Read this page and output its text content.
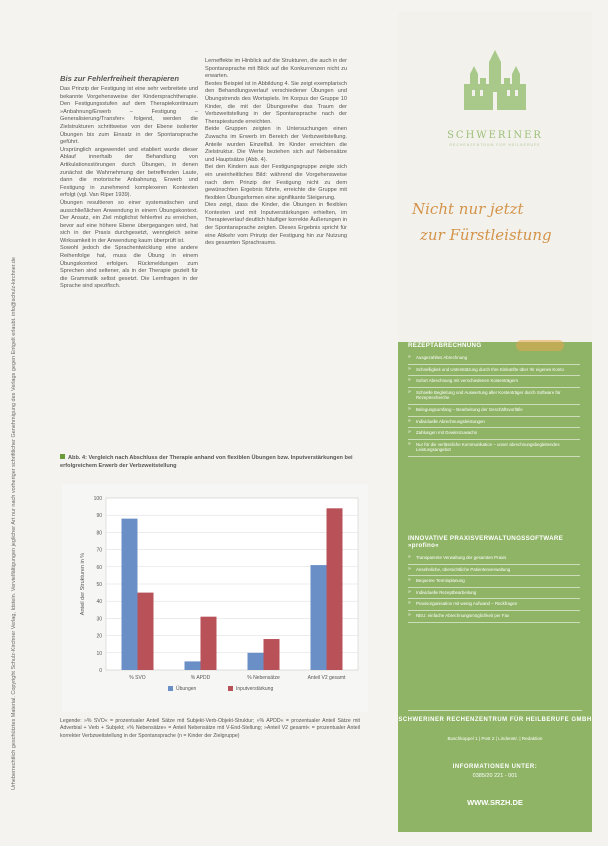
Urheberrechtlich geschütztes Material. Copyright Schulz-Kirchner Verlag, Idstein. Vervielfältigungen jeglicher Art nur nach vorheriger schriftlicher Genehmigung des Verlags gegen Entgelt erlaubt. info@schulz-kirchner.de
Bis zur Fehlerfreiheit therapieren

Das Prinzip der Festigung ist eine sehr verbreitete und bekannte Vorgehensweise der Kindersprachtherapie. Den Festigungsstufen auf dem Therapiekontinuum »Anbahnung/Erwerb – Festigung – Generalisierung/Transfer« folgend, werden die Zielstrukturen schrittweise von der Ebene isolierter Übungen bis zum Einsatz in der Spontansprache geführt.

Ursprünglich angewendet und etabliert wurde dieser Ablauf innerhalb der Behandlung von Artikulationsstörungen durch Übungen, in denen zunächst die Wahrnehmung der betreffenden Laute, dann die motorische Anbahnung, Erwerb und Festigung in zunehmend komplexeren Kontexten erfolgt (vgl. Van Riper 1939).

Übungen resultieren so einer systematischen und ausschließlichen Anwendung in einem Übungskontext. Der Ansatz, ein Ziel möglichst fehlerfrei zu erreichen, bevor auf eine höhere Ebene übergegangen wird, hat sich in der Praxis durchgesetzt, wenngleich seine Wirksamkeit in der Anwendung kaum überprüft ist.

Sowohl jedoch die Sprachentwicklung eine andere Reihenfolge hat, muss die Übung in einem Übungskontext erfolgen. Rückmeldungen zum Sprechen sind seltener, als in der Therapie gezielt für die Grammatik selbst gesetzt. Die Lernfragen in der Sprache sind spezifisch.

Lerneffekte im Hinblick auf die Strukturen, die auch in der Spontansprache mit Blick auf die Konkurrenzen nicht zu erwarten.

Bestes Beispiel ist in Abbildung 4. Sie zeigt exemplarisch den Behandlungsverlauf verschiedener Übungen und Übungstrends des Wortspiels. Im Korpus der Gruppe 10 Kinder, die mit der Übungsreihe das Traum der Verbzweitstellung in der Spontansprache nach der Therapiestunde erreichten.

Beide Gruppen zeigten in Untersuchungen einen Zuwachs im Erwerb im Bereich der Verbzweitstellung. Anteile wurden Einzelfall. Im Kinder erreichten die Zielstruktur. Die Werte beziehen sich auf Nebensätze und Hauptsätze (Abb. 4).

Bei den Kindern aus der Festigungsgruppe zeigte sich ein uneinheitliches Bild: während die Vorgehensweise nach dem Prinzip der Festigung nicht zu dem gewünschten Ergebnis führte, erreichte die Gruppe mit flexiblen Übungsformen eine signifikante Steigerung.

Dies zeigt, dass die Kinder, die Übungen in flexiblen Kontexten und mit Inputverstärkungen erhielten, im Therapieverlauf deutlich häufiger korrekte Äußerungen in der Spontansprache zeigten. Dieses Ergebnis spricht für eine Abkehr vom Prinzip der Festigung hin zur Nutzung des gesamten Sprachraums.

Abb. 4: Vergleich nach Abschluss der Therapie anhand von flexiblen Übungen bzw. Inputverstärkungen bei erfolgreichem Erwerb der Verbzweitstellung
0
10
20
30
40
50
60
70
80
90
100
Anteil der Strukturen in %
% SVO	% APDD	% Nebensätze	Anteil V2 gesamt
Übungen	Inputverstärkung
Legende: »% SVO« = prozentualer Anteil Sätze mit Subjekt-Verb-Objekt-Struktur; »% APDD« = prozentualer Anteil Sätze mit Adverbial + Verb + Subjekt; »% Nebensätze« = Anteil Nebensätze mit V-End-Stellung; »Anteil V2 gesamt« = prozentualer Anteil korrekter Verbzweitstellung in der Spontansprache (n = Kinder der Zielgruppe)
SCHWERINER
RECHENZENTRUM FÜR HEILBERUFE
Nicht nur jetzt
zur Fürstleistung
REZEPTABRECHNUNG
» Ausgezahltes Abrechnung
» Schnelligkeit und Unterstützung durch Ihre Einkünfte über Ihr eigenes Konto
» Sofort Abrechnung mit verschiedenen Kostenträgern
» Schnelle Begleitung und Auswertung aller Kostenträger durch Software für Rezeptrecherche
» Belegungsumfang – Bearbeitung der Geschäftsvorfälle
» Individuelle Abrechnungsleistungen
» Zahlungen mit Gewinnzuwachs
» Nur für die verlässliche Kommunikation – unser abrechnungsbegleitendes Leistungsangebot
INNOVATIVE PRAXISVERWALTUNGSSOFTWARE »profino«
» Transparente Verwaltung der gesamten Praxis
» Ansehnliche, übersichtliche Patientenverwaltung
» Bequeme Terminplanung
» Individuelle Rezeptbearbeitung
» Praxisorganisation mit wenig Aufwand – Rückfragen
» NEU: einfache Abrechnungsmöglichkeit per Fax
SCHWERINER RECHENZENTRUM FÜR HEILBERUFE GMBH
Buschkoppel 1 | Post 2 | Lindenstr. | Redaktion
INFORMATIONEN UNTER:
0385/20 221 - 001
WWW.SRZH.DE
